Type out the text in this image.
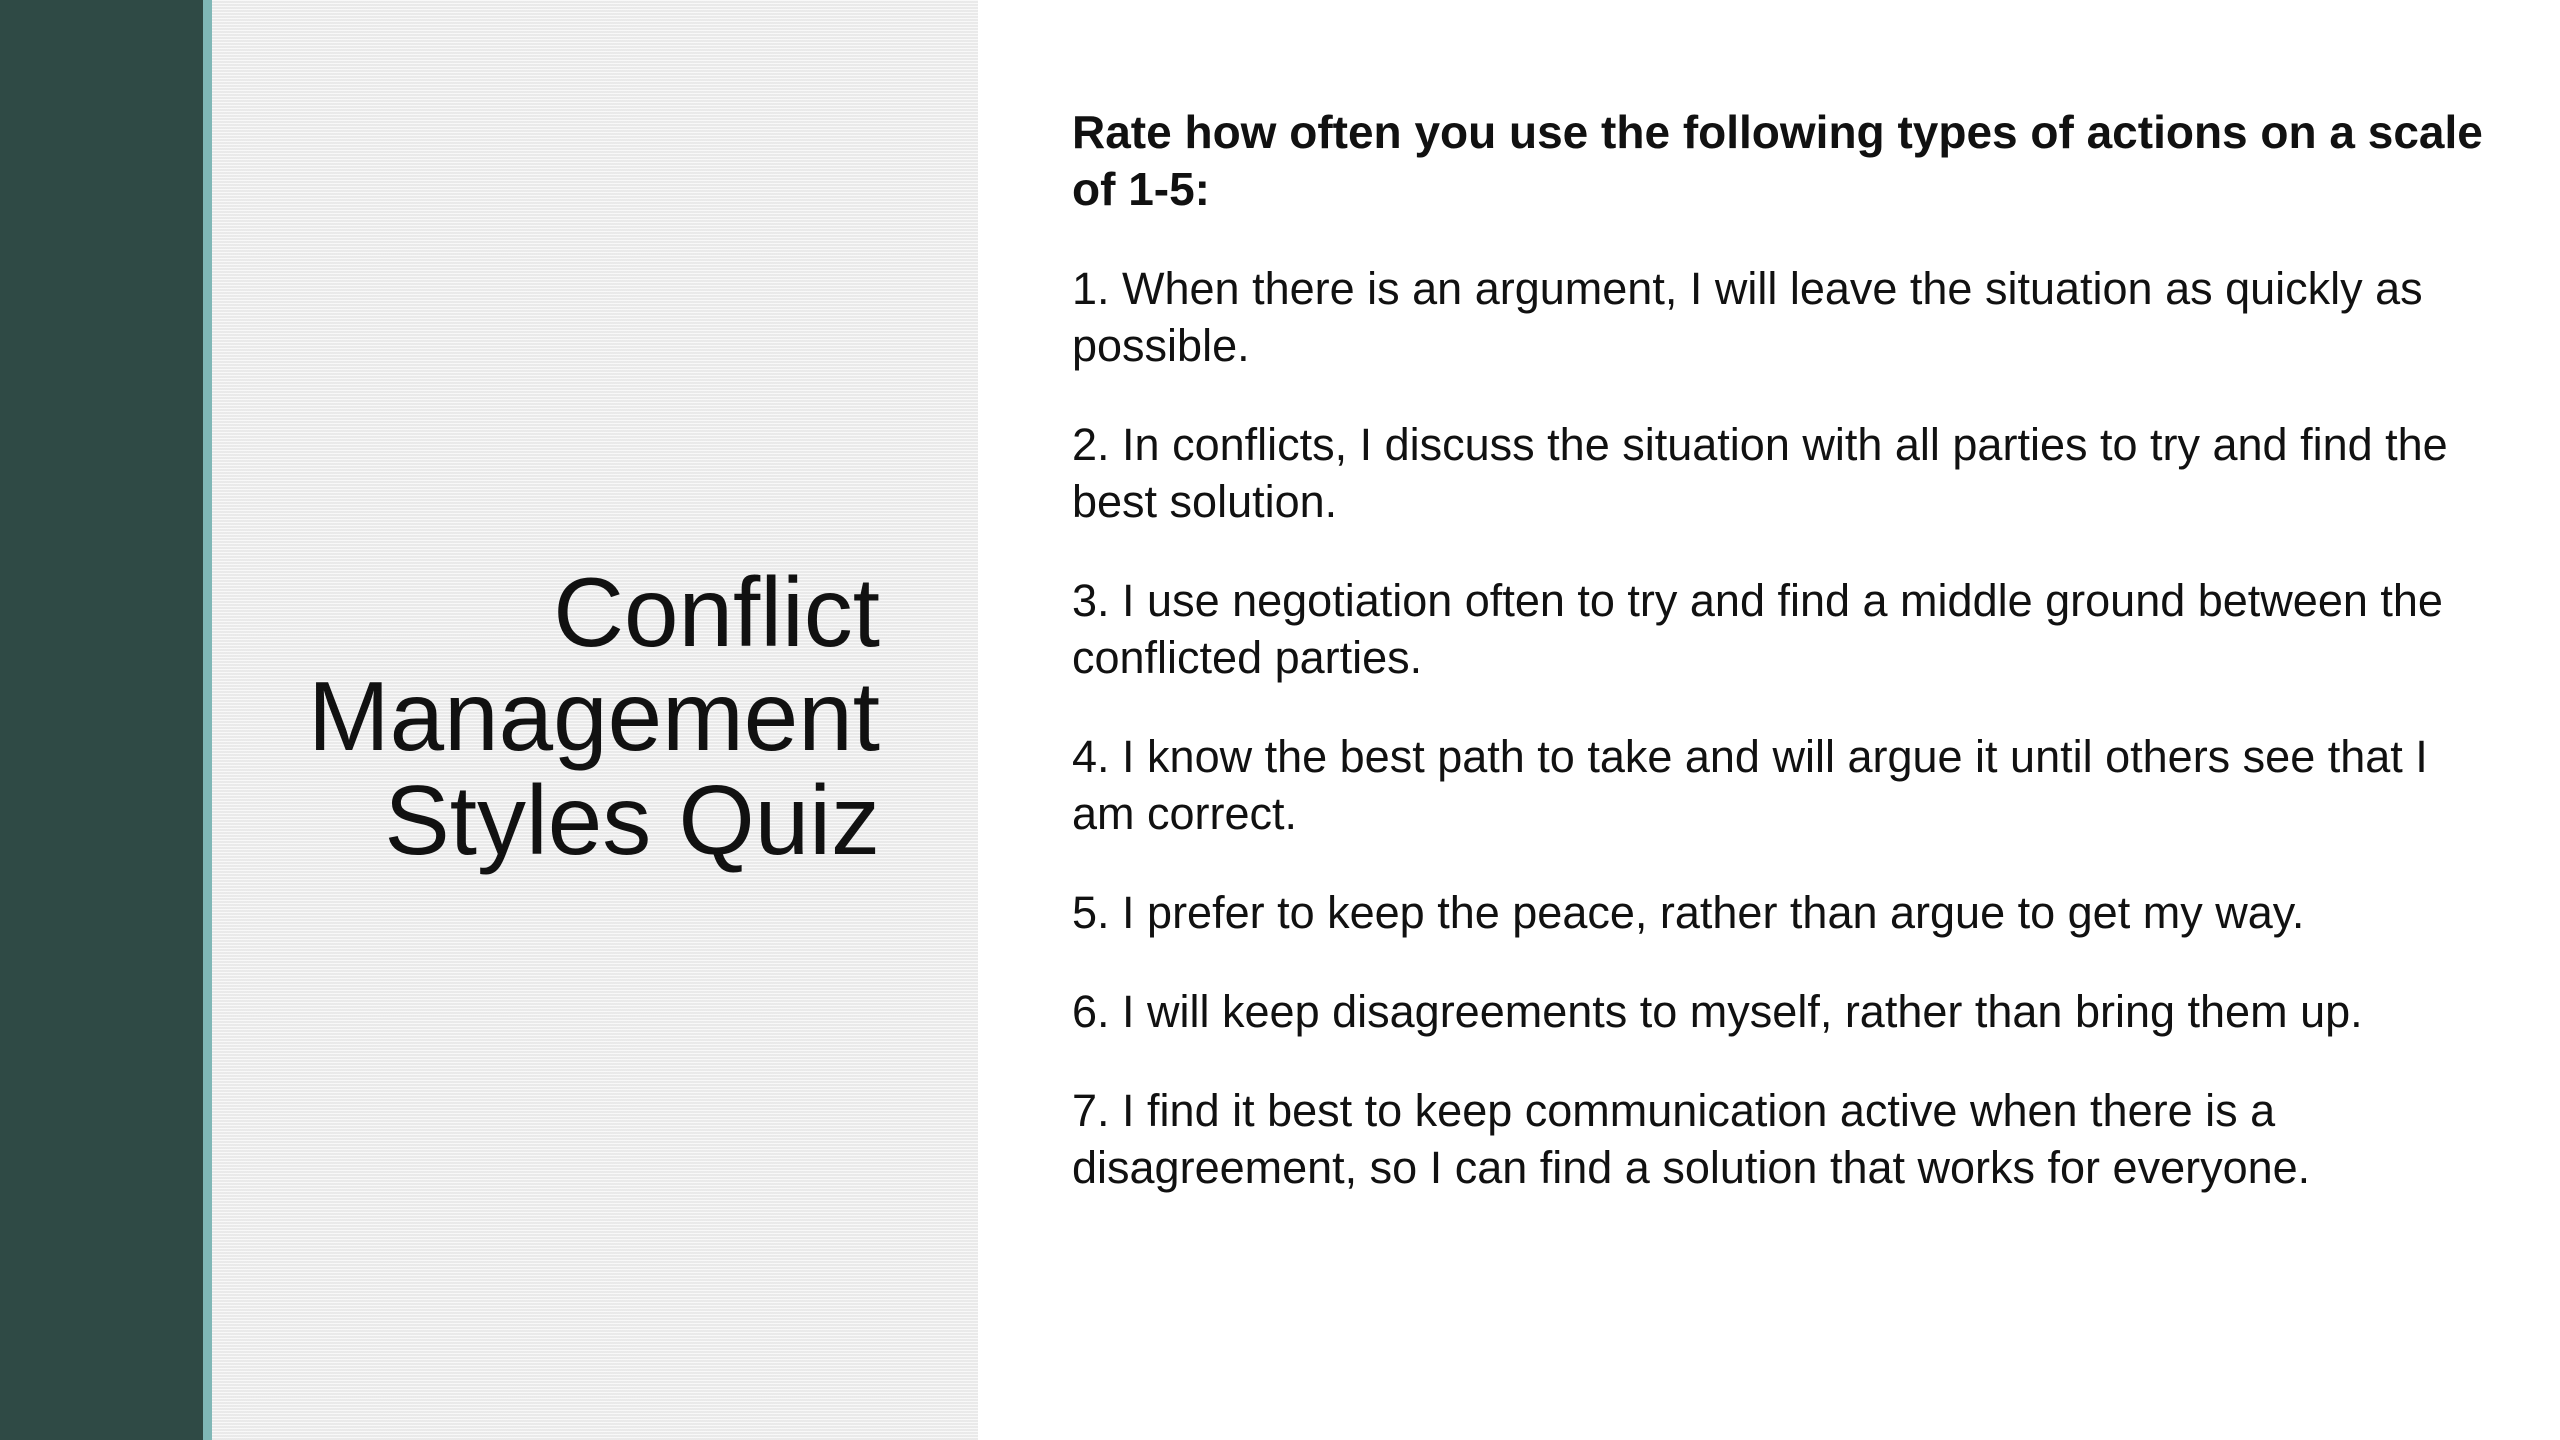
Conflict
Management
Styles Quiz

Rate how often you use the following types of actions on a scale of 1-5:

1. When there is an argument, I will leave the situation as quickly as possible.

2. In conflicts, I discuss the situation with all parties to try and find the best solution.

3. I use negotiation often to try and find a middle ground between the conflicted parties.

4. I know the best path to take and will argue it until others see that I am correct.

5. I prefer to keep the peace, rather than argue to get my way.

6. I will keep disagreements to myself, rather than bring them up.

7. I find it best to keep communication active when there is a disagreement, so I can find a solution that works for everyone.
